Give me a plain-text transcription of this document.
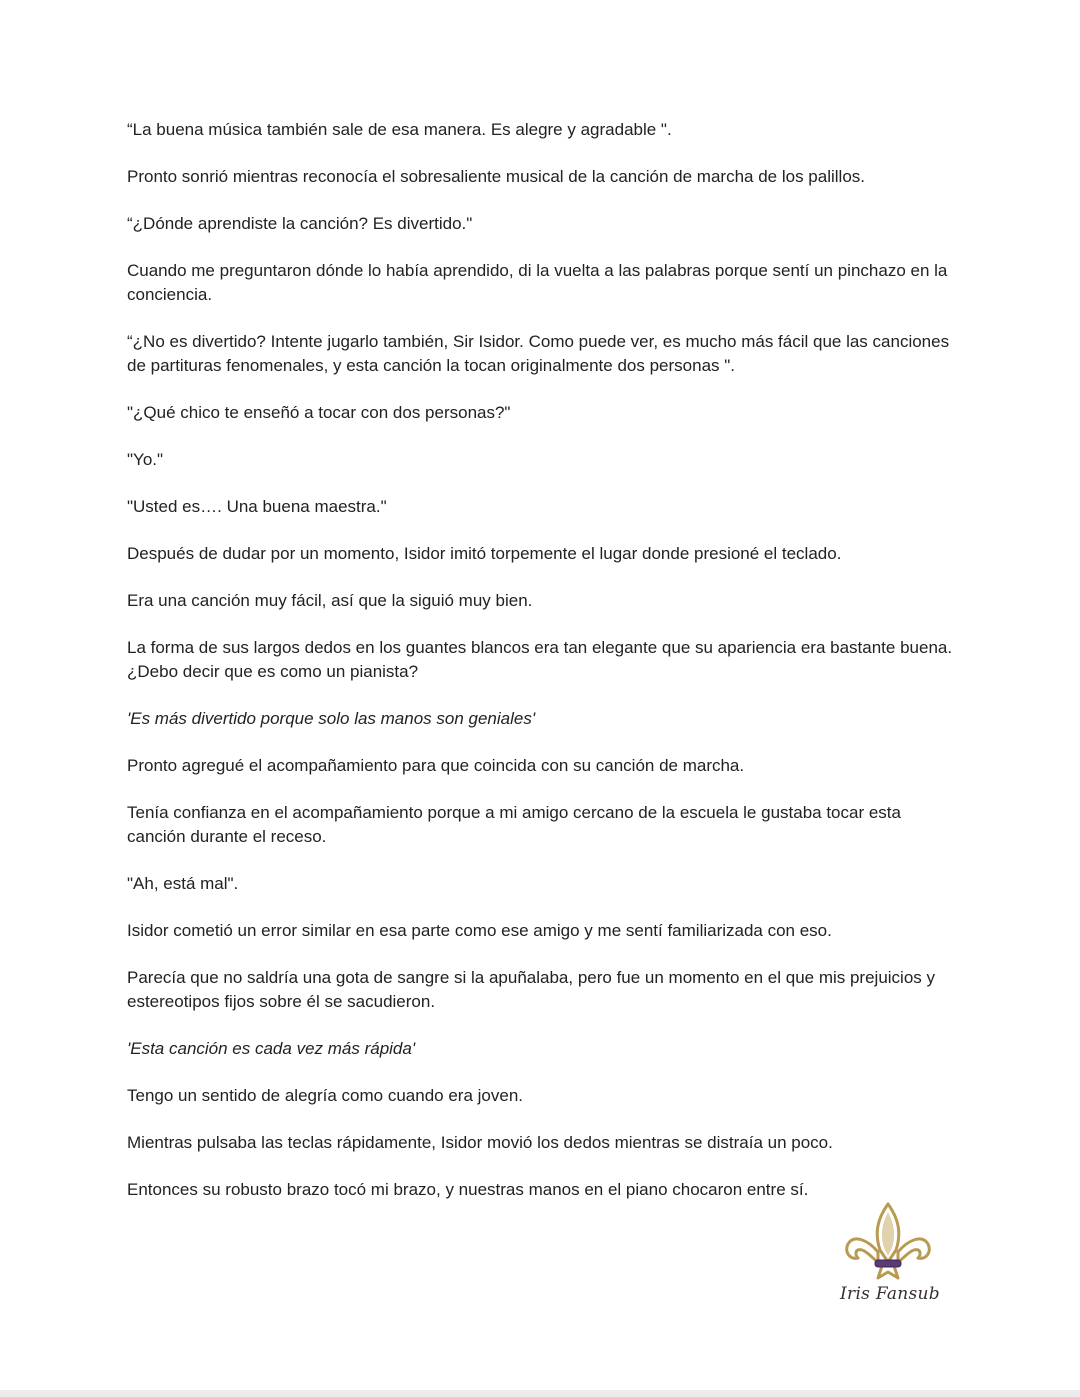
“La buena música también sale de esa manera. Es alegre y agradable ".

Pronto sonrió mientras reconocía el sobresaliente musical de la canción de marcha de los palillos.

“¿Dónde aprendiste la canción? Es divertido."

Cuando me preguntaron dónde lo había aprendido, di la vuelta a las palabras porque sentí un pinchazo en la conciencia.

“¿No es divertido? Intente jugarlo también, Sir Isidor. Como puede ver, es mucho más fácil que las canciones de partituras fenomenales, y esta canción la tocan originalmente dos personas ".

"¿Qué chico te enseñó a tocar con dos personas?"

"Yo."

"Usted es…. Una buena maestra."

Después de dudar por un momento, Isidor imitó torpemente el lugar donde presioné el teclado.

Era una canción muy fácil, así que la siguió muy bien.

La forma de sus largos dedos en los guantes blancos era tan elegante que su apariencia era bastante buena. ¿Debo decir que es como un pianista?

'Es más divertido porque solo las manos son geniales'

Pronto agregué el acompañamiento para que coincida con su canción de marcha.

Tenía confianza en el acompañamiento porque a mi amigo cercano de la escuela le gustaba tocar esta canción durante el receso.

"Ah, está mal".

Isidor cometió un error similar en esa parte como ese amigo y me sentí familiarizada con eso.

Parecía que no saldría una gota de sangre si la apuñalaba, pero fue un momento en el que mis prejuicios y estereotipos fijos sobre él se sacudieron.

'Esta canción es cada vez más rápida'

Tengo un sentido de alegría como cuando era joven.

Mientras pulsaba las teclas rápidamente, Isidor movió los dedos mientras se distraía un poco.

Entonces su robusto brazo tocó mi brazo, y nuestras manos en el piano chocaron entre sí.

Iris Fansub
